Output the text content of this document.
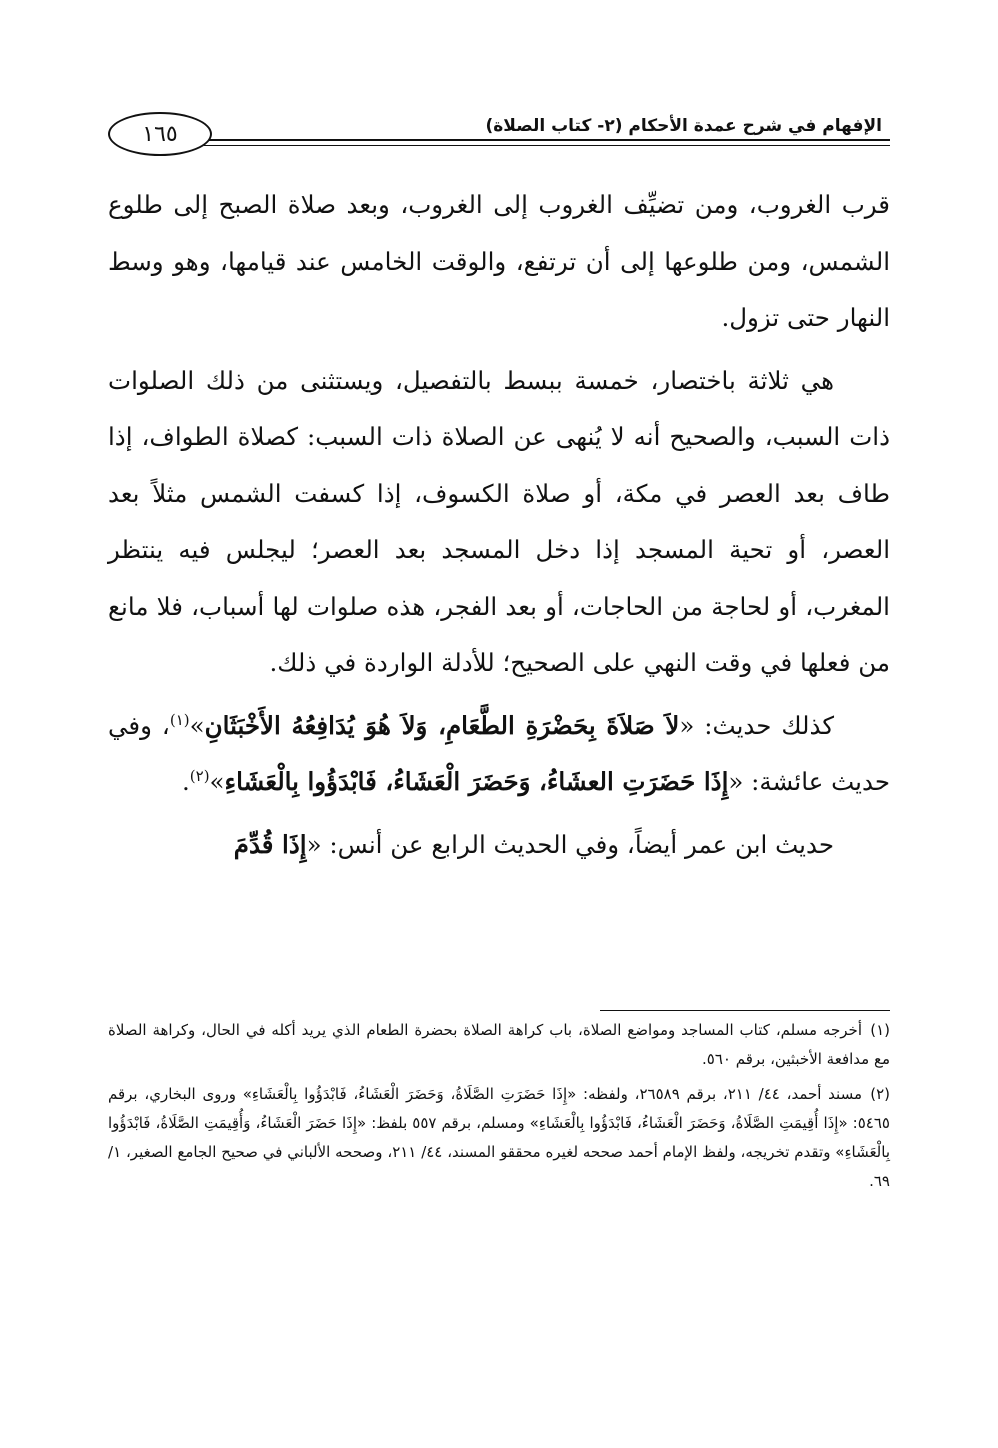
١٦٥	الإفهام في شرح عمدة الأحكام (٢- كتاب الصلاة)

قرب الغروب، ومن تضيِّف الغروب إلى الغروب، وبعد صلاة الصبح إلى طلوع الشمس، ومن طلوعها إلى أن ترتفع، والوقت الخامس عند قيامها، وهو وسط النهار حتى تزول.

هي ثلاثة باختصار، خمسة ببسط بالتفصيل، ويستثنى من ذلك الصلوات ذات السبب، والصحيح أنه لا يُنهى عن الصلاة ذات السبب: كصلاة الطواف، إذا طاف بعد العصر في مكة، أو صلاة الكسوف، إذا كسفت الشمس مثلاً بعد العصر، أو تحية المسجد إذا دخل المسجد بعد العصر؛ ليجلس فيه ينتظر المغرب، أو لحاجة من الحاجات، أو بعد الفجر، هذه صلوات لها أسباب، فلا مانع من فعلها في وقت النهي على الصحيح؛ للأدلة الواردة في ذلك.

كذلك حديث: «لاَ صَلاَةَ بِحَضْرَةِ الطَّعَامِ، وَلاَ هُوَ يُدَافِعُهُ الأَخْبَثَانِ»$^{(١)}$، وفي حديث عائشة: «إِذَا حَضَرَتِ العشَاءُ، وَحَضَرَ الْعَشَاءُ، فَابْدَؤُوا بِالْعَشَاءِ»$^{(٢)}$.

حديث ابن عمر أيضاً، وفي الحديث الرابع عن أنس: «إِذَا قُدِّمَ

(١)أخرجه مسلم، كتاب المساجد ومواضع الصلاة، باب كراهة الصلاة بحضرة الطعام الذي يريد أكله في الحال، وكراهة الصلاة مع مدافعة الأخبثين، برقم ٥٦٠.

(٢)مسند أحمد، ٤٤/ ٢١١، برقم ٢٦٥٨٩، ولفظه: «إِذَا حَضَرَتِ الصَّلَاةُ، وَحَضَرَ الْعَشَاءُ، فَابْدَؤُوا بِالْعَشَاءِ» وروى البخاري، برقم ٥٤٦٥: «إِذَا أُقِيمَتِ الصَّلَاةُ، وَحَضَرَ الْعَشَاءُ، فَابْدَؤُوا بِالْعَشَاءِ» ومسلم، برقم ٥٥٧ بلفظ: «إِذَا حَضَرَ الْعَشَاءُ، وَأُقِيمَتِ الصَّلَاةُ، فَابْدَؤُوا بِالْعَشَاءِ» وتقدم تخريجه، ولفظ الإمام أحمد صححه لغيره محققو المسند، ٤٤/ ٢١١، وصححه الألباني في صحيح الجامع الصغير، ١/ ٦٩.
